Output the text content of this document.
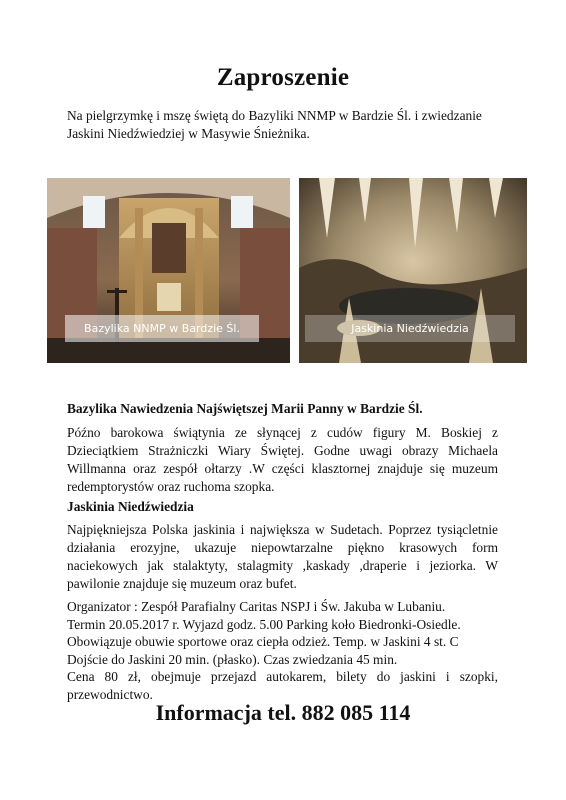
Zaproszenie
Na pielgrzymkę i mszę świętą do Bazyliki NNMP w Bardzie Śl. i zwiedzanie Jaskini Niedźwiedziej w Masywie Śnieżnika.
Bazylika NNMP w Bardzie Śl.	Jaskinia Niedźwiedzia
Bazylika Nawiedzenia Najświętszej Marii Panny w Bardzie Śl.
Późno barokowa świątynia ze słynącej z cudów figury M. Boskiej z Dzieciątkiem Strażniczki Wiary Świętej. Godne uwagi obrazy Michaela Willmanna oraz zespół ołtarzy .W części klasztornej znajduje się muzeum redemptorystów oraz ruchoma szopka.
Jaskinia Niedźwiedzia
Najpiękniejsza Polska jaskinia i największa w Sudetach. Poprzez tysiącletnie działania erozyjne, ukazuje niepowtarzalne piękno krasowych form naciekowych jak stalaktyty, stalagmity ,kaskady ,draperie i jeziorka. W pawilonie znajduje się muzeum oraz bufet.
Organizator : Zespół Parafialny Caritas NSPJ i Św. Jakuba w Lubaniu.
Termin 20.05.2017 r. Wyjazd godz. 5.00 Parking koło Biedronki-Osiedle.
Obowiązuje obuwie sportowe oraz ciepła odzież. Temp. w Jaskini 4 st. C
Dojście do Jaskini 20 min. (płasko). Czas zwiedzania 45 min.
Cena 80 zł, obejmuje przejazd autokarem, bilety do jaskini i szopki, przewodnictwo.
Informacja tel. 882 085 114
